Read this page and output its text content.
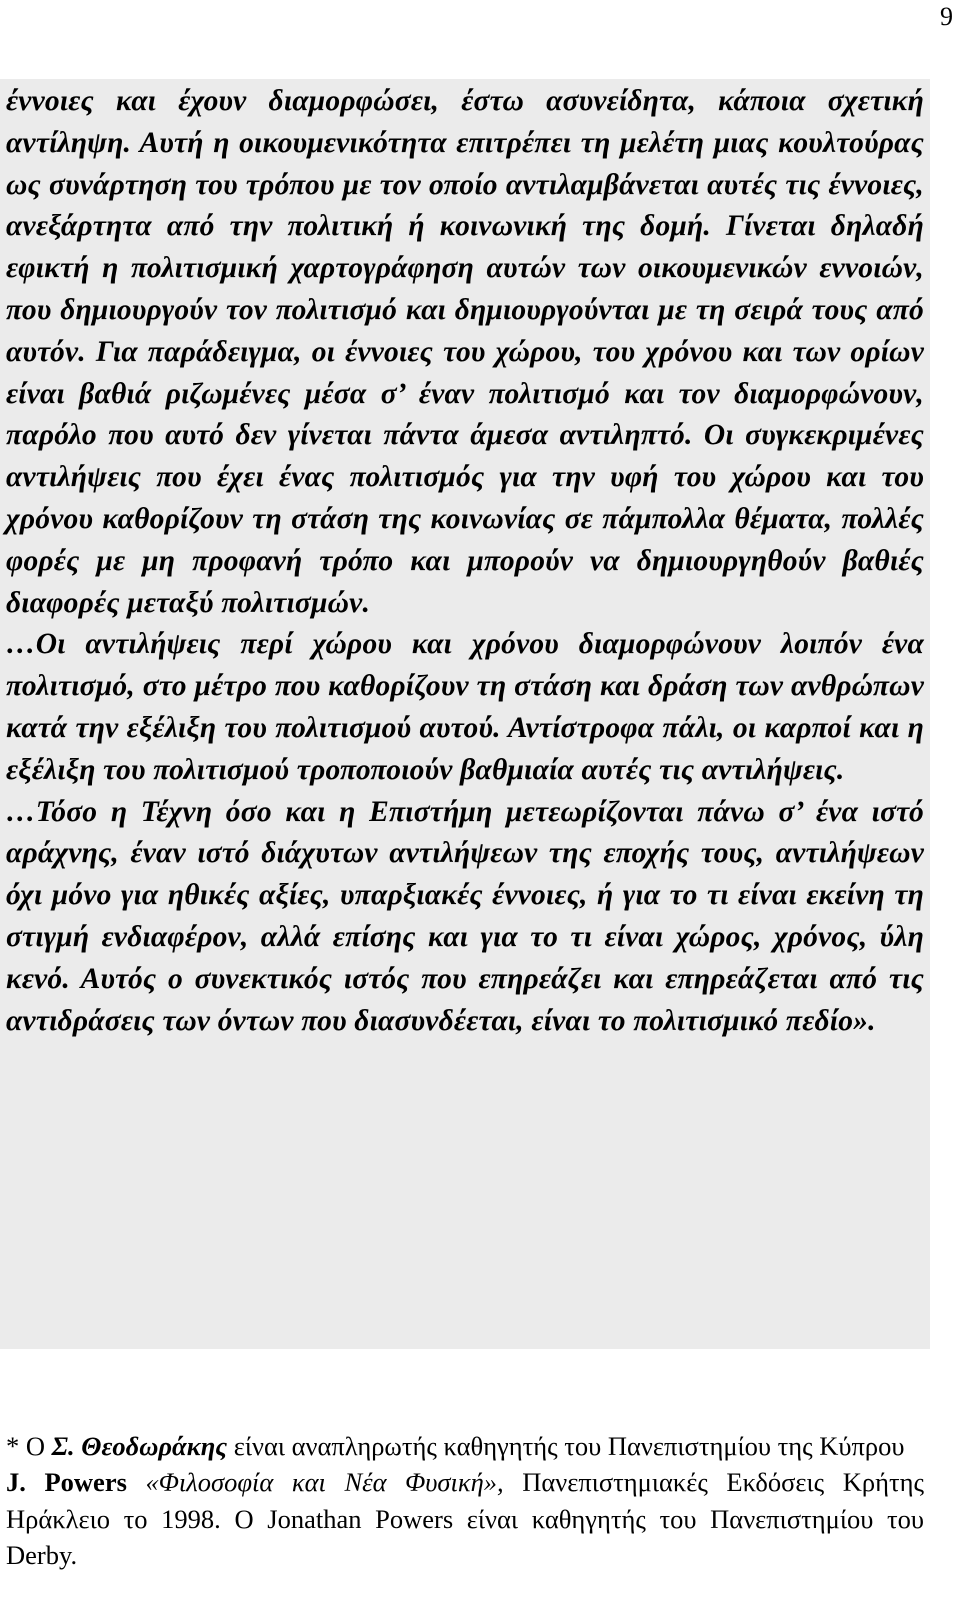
9

έννοιες και έχουν διαμορφώσει, έστω ασυνείδητα, κάποια σχετική αντίληψη. Αυτή η οικουμενικότητα επιτρέπει τη μελέτη μιας κουλτούρας ως συνάρτηση του τρόπου με τον οποίο αντιλαμβάνεται αυτές τις έννοιες, ανεξάρτητα από την πολιτική ή κοινωνική της δομή. Γίνεται δηλαδή εφικτή η πολιτισμική χαρτογράφηση αυτών των οικουμενικών εννοιών, που δημιουργούν τον πολιτισμό και δημιουργούνται με τη σειρά τους από αυτόν. Για παράδειγμα, οι έννοιες του χώρου, του χρόνου και των ορίων είναι βαθιά ριζωμένες μέσα σ’ έναν πολιτισμό και τον διαμορφώνουν, παρόλο που αυτό δεν γίνεται πάντα άμεσα αντιληπτό. Οι συγκεκριμένες αντιλήψεις που έχει ένας πολιτισμός για την υφή του χώρου και του χρόνου καθορίζουν τη στάση της κοινωνίας σε πάμπολλα θέματα, πολλές φορές με μη προφανή τρόπο και μπορούν να δημιουργηθούν βαθιές διαφορές μεταξύ πολιτισμών.

…Οι αντιλήψεις περί χώρου και χρόνου διαμορφώνουν λοιπόν ένα πολιτισμό, στο μέτρο που καθορίζουν τη στάση και δράση των ανθρώπων κατά την εξέλιξη του πολιτισμού αυτού. Αντίστροφα πάλι, οι καρποί και η εξέλιξη του πολιτισμού τροποποιούν βαθμιαία αυτές τις αντιλήψεις.

…Τόσο η Τέχνη όσο και η Επιστήμη μετεωρίζονται πάνω σ’ ένα ιστό αράχνης, έναν ιστό διάχυτων αντιλήψεων της εποχής τους, αντιλήψεων όχι μόνο για ηθικές αξίες, υπαρξιακές έννοιες, ή για το τι είναι εκείνη τη στιγμή ενδιαφέρον, αλλά επίσης και για το τι είναι χώρος, χρόνος, ύλη κενό. Αυτός ο συνεκτικός ιστός που επηρεάζει και επηρεάζεται από τις αντιδράσεις των όντων που διασυνδέεται, είναι το πολιτισμικό πεδίο».

* Ο Σ. Θεοδωράκης είναι αναπληρωτής καθηγητής του Πανεπιστημίου της Κύπρου

J. Powers «Φιλοσοφία και Νέα Φυσική», Πανεπιστημιακές Εκδόσεις Κρήτης Ηράκλειο το 1998. Ο Jonathan Powers είναι καθηγητής του Πανεπιστημίου του Derby.
